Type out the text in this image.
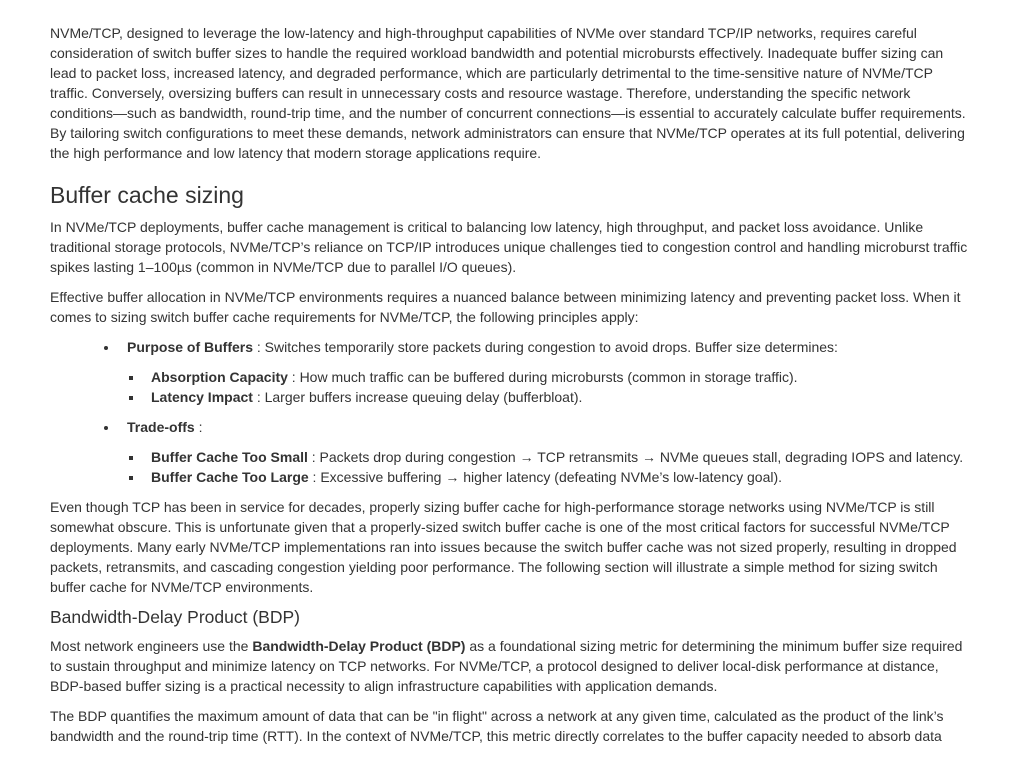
NVMe/TCP, designed to leverage the low-latency and high-throughput capabilities of NVMe over standard TCP/IP networks, requires careful consideration of switch buffer sizes to handle the required workload bandwidth and potential microbursts effectively. Inadequate buffer sizing can lead to packet loss, increased latency, and degraded performance, which are particularly detrimental to the time-sensitive nature of NVMe/TCP traffic. Conversely, oversizing buffers can result in unnecessary costs and resource wastage. Therefore, understanding the specific network conditions—such as bandwidth, round-trip time, and the number of concurrent connections—is essential to accurately calculate buffer requirements. By tailoring switch configurations to meet these demands, network administrators can ensure that NVMe/TCP operates at its full potential, delivering the high performance and low latency that modern storage applications require.

Buffer cache sizing

In NVMe/TCP deployments, buffer cache management is critical to balancing low latency, high throughput, and packet loss avoidance. Unlike traditional storage protocols, NVMe/TCP’s reliance on TCP/IP introduces unique challenges tied to congestion control and handling microburst traffic spikes lasting 1–100µs (common in NVMe/TCP due to parallel I/O queues).

Effective buffer allocation in NVMe/TCP environments requires a nuanced balance between minimizing latency and preventing packet loss. When it comes to sizing switch buffer cache requirements for NVMe/TCP, the following principles apply:

Purpose of Buffers : Switches temporarily store packets during congestion to avoid drops. Buffer size determines:
Absorption Capacity : How much traffic can be buffered during microbursts (common in storage traffic).
Latency Impact : Larger buffers increase queuing delay (bufferbloat).
Trade-offs :
Buffer Cache Too Small : Packets drop during congestion → TCP retransmits → NVMe queues stall, degrading IOPS and latency.
Buffer Cache Too Large : Excessive buffering → higher latency (defeating NVMe’s low-latency goal).

Even though TCP has been in service for decades, properly sizing buffer cache for high-performance storage networks using NVMe/TCP is still somewhat obscure. This is unfortunate given that a properly-sized switch buffer cache is one of the most critical factors for successful NVMe/TCP deployments. Many early NVMe/TCP implementations ran into issues because the switch buffer cache was not sized properly, resulting in dropped packets, retransmits, and cascading congestion yielding poor performance. The following section will illustrate a simple method for sizing switch buffer cache for NVMe/TCP environments.

Bandwidth-Delay Product (BDP)

Most network engineers use the Bandwidth-Delay Product (BDP) as a foundational sizing metric for determining the minimum buffer size required to sustain throughput and minimize latency on TCP networks. For NVMe/TCP, a protocol designed to deliver local-disk performance at distance, BDP-based buffer sizing is a practical necessity to align infrastructure capabilities with application demands.

The BDP quantifies the maximum amount of data that can be "in flight" across a network at any given time, calculated as the product of the link’s bandwidth and the round-trip time (RTT). In the context of NVMe/TCP, this metric directly correlates to the buffer capacity needed to absorb data
